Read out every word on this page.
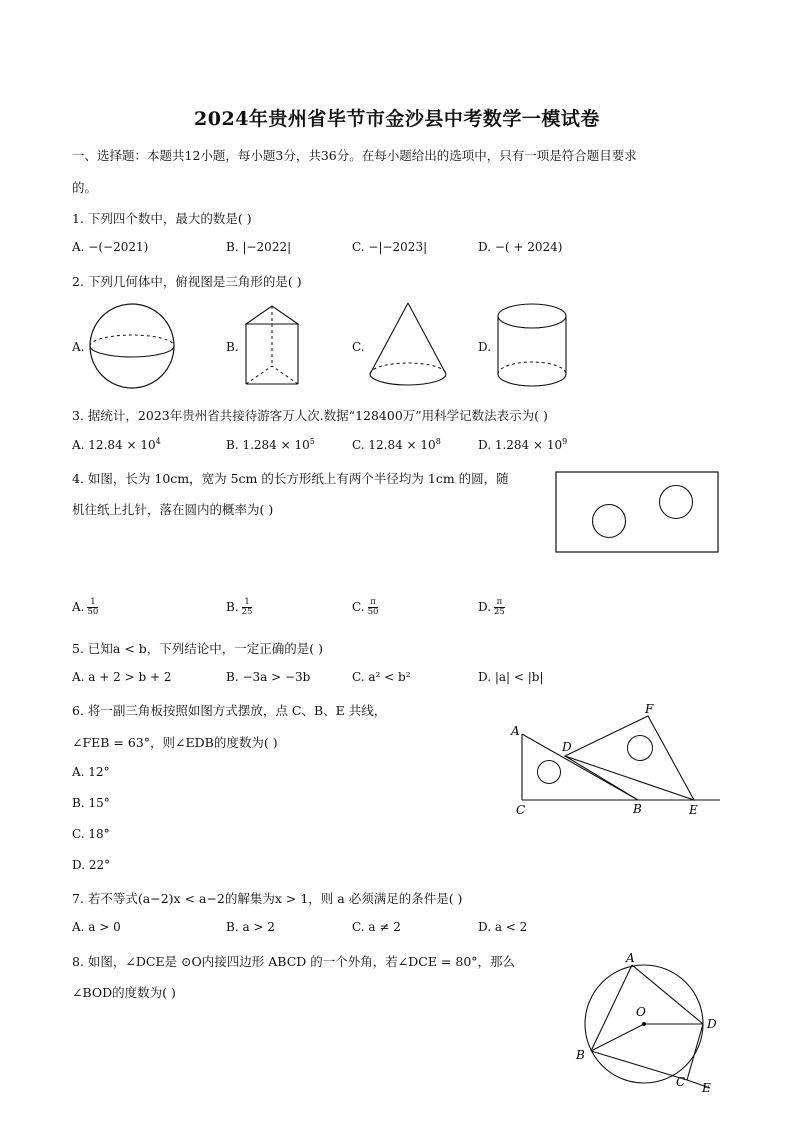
2024年贵州省毕节市金沙县中考数学一模试卷
一、选择题：本题共12小题，每小题3分，共36分。在每小题给出的选项中，只有一项是符合题目要求
的。
1. 下列四个数中，最大的数是( )
A. −(−2021)	B. |−2022|	C. −|−2023|	D. −( + 2024)
2. 下列几何体中，俯视图是三角形的是( )
A.	B.	C.	D.
3. 据统计，2023年贵州省共接待游客万人次.数据“128400万”用科学记数法表示为( )
A. $12.84 \times 10^4$	B. $1.284 \times 10^5$	C. $12.84 \times 10^8$	D. $1.284 \times 10^9$
4. 如图，长为 10cm，宽为 5cm 的长方形纸上有两个半径均为 1cm 的圆，随
机往纸上扎针，落在圆内的概率为( )
A. $\frac{1}{50}$	B. $\frac{1}{25}$	C. $\frac{\pi}{50}$	D. $\frac{\pi}{25}$
5. 已知a < b，下列结论中，一定正确的是( )
A. a + 2 > b + 2	B. −3a > −3b	C. a² < b²	D. |a| < |b|
6. 将一副三角板按照如图方式摆放，点 C、B、E 共线，
∠FEB = 63°，则∠EDB的度数为( )
A. 12°
B. 15°
C. 18°
D. 22°
A
D
F
C	B	E
7. 若不等式(a−2)x < a−2的解集为x > 1，则 a 必须满足的条件是( )
A. a > 0	B. a > 2	C. a ≠ 2	D. a < 2
8. 如图，∠DCE是 ⊙O内接四边形 ABCD 的一个外角，若∠DCE = 80°，那么
∠BOD的度数为( )
A
O
D
B
C E
